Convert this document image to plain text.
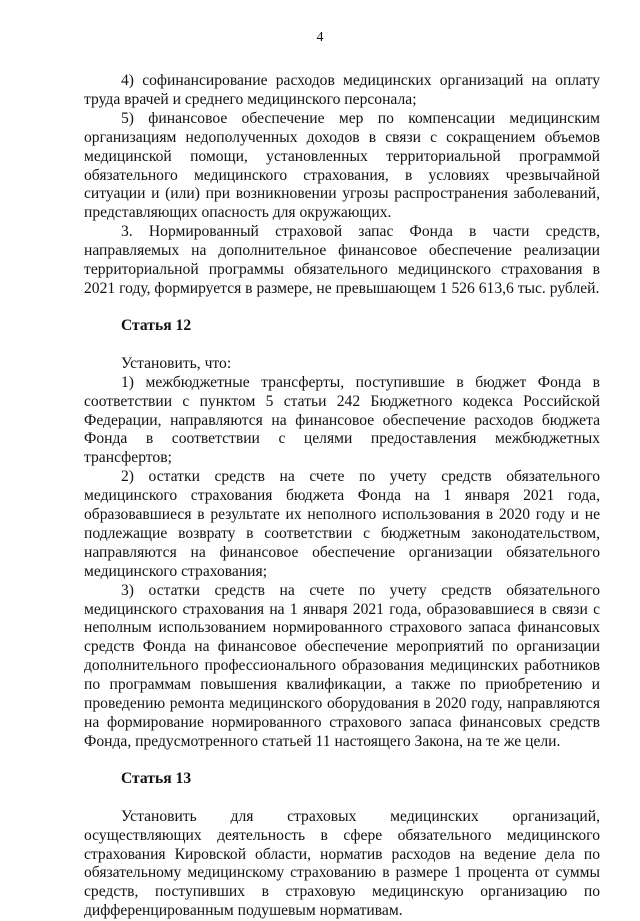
4

4) софинансирование расходов медицинских организаций на оплату труда врачей и среднего медицинского персонала;

5) финансовое обеспечение мер по компенсации медицинским организациям недополученных доходов в связи с сокращением объемов медицинской помощи, установленных территориальной программой обязательного медицинского страхования, в условиях чрезвычайной ситуации и (или) при возникновении угрозы распространения заболеваний, представляющих опасность для окружающих.

3. Нормированный страховой запас Фонда в части средств, направляемых на дополнительное финансовое обеспечение реализации территориальной программы обязательного медицинского страхования в 2021 году, формируется в размере, не превышающем 1 526 613,6 тыс. рублей.

Статья 12

Установить, что:

1) межбюджетные трансферты, поступившие в бюджет Фонда в соответствии с пунктом 5 статьи 242 Бюджетного кодекса Российской Федерации, направляются на финансовое обеспечение расходов бюджета Фонда в соответствии с целями предоставления межбюджетных трансфертов;

2) остатки средств на счете по учету средств обязательного медицинского страхования бюджета Фонда на 1 января 2021 года, образовавшиеся в результате их неполного использования в 2020 году и не подлежащие возврату в соответствии с бюджетным законодательством, направляются на финансовое обеспечение организации обязательного медицинского страхования;

3) остатки средств на счете по учету средств обязательного медицинского страхования на 1 января 2021 года, образовавшиеся в связи с неполным использованием нормированного страхового запаса финансовых средств Фонда на финансовое обеспечение мероприятий по организации дополнительного профессионального образования медицинских работников по программам повышения квалификации, а также по приобретению и проведению ремонта медицинского оборудования в 2020 году, направляются на формирование нормированного страхового запаса финансовых средств Фонда, предусмотренного статьей 11 настоящего Закона, на те же цели.

Статья 13

Установить для страховых медицинских организаций, осуществляющих деятельность в сфере обязательного медицинского страхования Кировской области, норматив расходов на ведение дела по обязательному медицинскому страхованию в размере 1 процента от суммы средств, поступивших в страховую медицинскую организацию по дифференцированным подушевым нормативам.
